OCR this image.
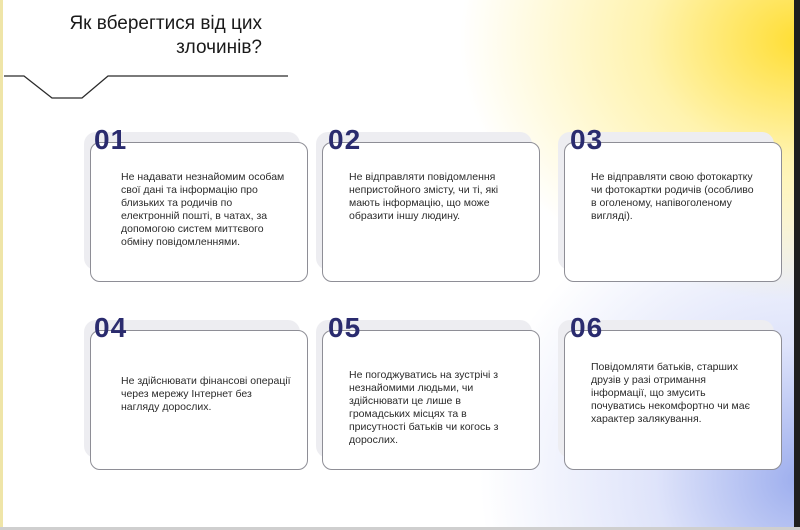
Як вберегтися від цих
злочинів?
Не надавати незнайомим особам свої дані та інформацію про близьких та родичів по електронній пошті, в чатах, за допомогою систем миттєвого обміну повідомленнями.
01
Не відправляти повідомлення непристойного змісту, чи ті, які мають інформацію, що може образити іншу людину.
02
Не відправляти свою фотокартку чи фотокартки родичів (особливо в оголеному, напівоголеному вигляді).
03
Не здійснювати фінансові операції через мережу Інтернет без нагляду дорослих.
04
Не погоджуватись на зустрічі з незнайомими людьми, чи здійснювати це лише в громадських місцях та в присутності батьків чи когось з дорослих.
05
Повідомляти батьків, старших друзів у разі отримання інформації, що змусить почуватись некомфортно чи має характер залякування.
06
